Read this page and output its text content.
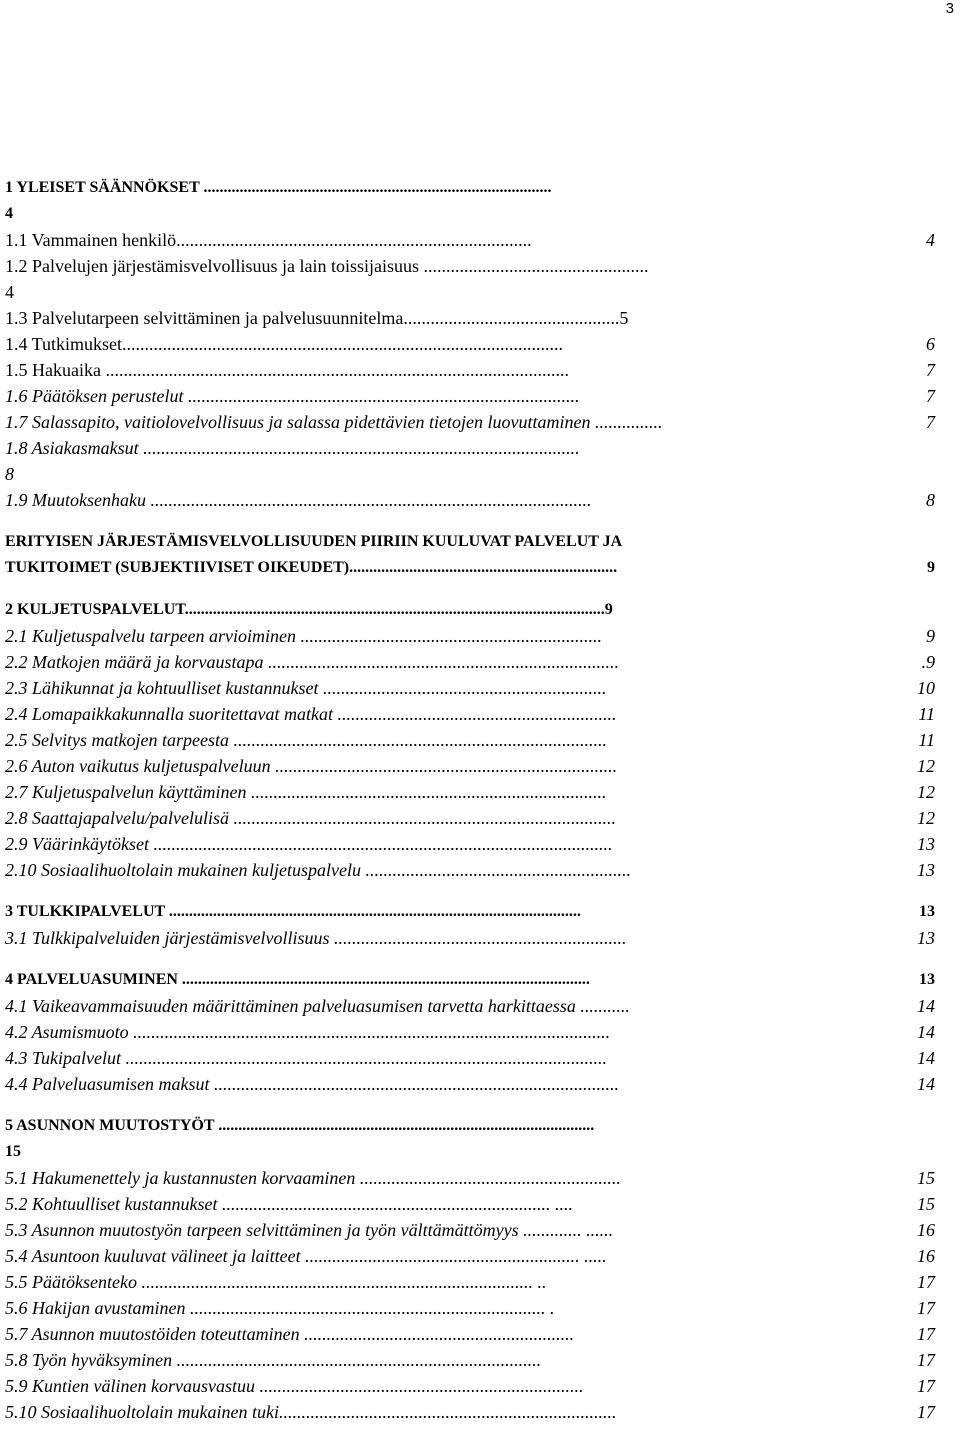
3
1 YLEISET SÄÄNNÖKSET .......................................................................................
4
1.1 Vammainen henkilö...............................................................................	4
1.2 Palvelujen järjestämisvelvollisuus ja lain toissijaisuus ..................................................
4
1.3 Palvelutarpeen selvittäminen ja palvelusuunnitelma................................................5
1.4 Tutkimukset..................................................................................................	6
1.5 Hakuaika .......................................................................................................	7
1.6 Päätöksen perustelut .......................................................................................	7
1.7 Salassapito, vaitiolovelvollisuus ja salassa pidettävien tietojen luovuttaminen ...............	7
1.8 Asiakasmaksut .................................................................................................
8
1.9 Muutoksenhaku ..................................................................................................	8
ERITYISEN JÄRJESTÄMISVELVOLLISUUDEN PIIRIIN KUULUVAT PALVELUT JA
TUKITOIMET (SUBJEKTIIVISET OIKEUDET)...................................................................	9
2 KULJETUSPALVELUT.........................................................................................................9
2.1 Kuljetuspalvelu tarpeen arvioiminen ...................................................................	9
2.2 Matkojen määrä ja korvaustapa ..............................................................................	.9
2.3 Lähikunnat ja kohtuulliset kustannukset ...............................................................	10
2.4 Lomapaikkakunnalla suoritettavat matkat ..............................................................	11
2.5 Selvitys matkojen tarpeesta ...................................................................................	11
2.6 Auton vaikutus kuljetuspalveluun ............................................................................	12
2.7 Kuljetuspalvelun käyttäminen ...............................................................................	12
2.8 Saattajapalvelu/palvelulisä .....................................................................................	12
2.9 Väärinkäytökset ......................................................................................................	13
2.10 Sosiaalihuoltolain mukainen kuljetuspalvelu ...........................................................	13
3 TULKKIPALVELUT .......................................................................................................	13
3.1 Tulkkipalveluiden järjestämisvelvollisuus .................................................................	13
4 PALVELUASUMINEN ......................................................................................................	13
4.1 Vaikeavammaisuuden määrittäminen palveluasumisen tarvetta harkittaessa ...........	14
4.2 Asumismuoto ..........................................................................................................	14
4.3 Tukipalvelut ...........................................................................................................	14
4.4 Palveluasumisen maksut ..........................................................................................	14
5 ASUNNON MUUTOSTYÖT ..............................................................................................
15
5.1 Hakumenettely ja kustannusten korvaaminen ..........................................................	15
5.2 Kohtuulliset kustannukset ......................................................................... ....	15
5.3 Asunnon muutostyön tarpeen selvittäminen ja työn välttämättömyys ............. ......	16
5.4 Asuntoon kuuluvat välineet ja laitteet ............................................................. .....	16
5.5 Päätöksenteko ....................................................................................... ..	17
5.6 Hakijan avustaminen ............................................................................... .	17
5.7 Asunnon muutostöiden toteuttaminen ............................................................	17
5.8 Työn hyväksyminen .................................................................................	17
5.9 Kuntien välinen korvausvastuu ........................................................................	17
5.10 Sosiaalihuoltolain mukainen tuki...........................................................................	17
